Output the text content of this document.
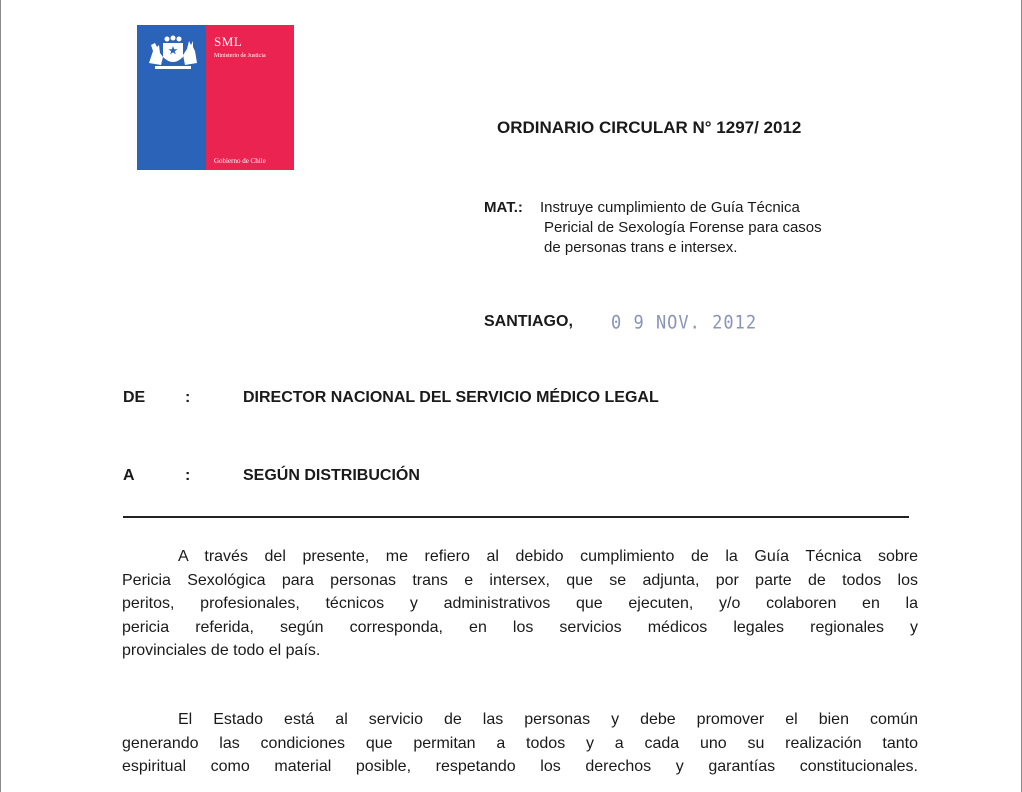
SML
Ministerio de Justicia
Gobierno de Chile
ORDINARIO CIRCULAR N° 1297/ 2012
MAT.: Instruye cumplimiento de Guía Técnica
Pericial de Sexología Forense para casos
de personas trans e intersex.
SANTIAGO, 0 9 NOV. 2012
DE :	DIRECTOR NACIONAL DEL SERVICIO MÉDICO LEGAL
A	:	SEGÚN DISTRIBUCIÓN
A través del presente, me refiero al debido cumplimiento de la Guía Técnica sobre
Pericia Sexológica para personas trans e intersex, que se adjunta, por parte de todos los
peritos, profesionales, técnicos y administrativos que ejecuten, y/o colaboren en la
pericia referida, según corresponda, en los servicios médicos legales regionales y
provinciales de todo el país.
El Estado está al servicio de las personas y debe promover el bien común
generando las condiciones que permitan a todos y a cada uno su realización tanto
espiritual como material posible, respetando los derechos y garantías constitucionales.
